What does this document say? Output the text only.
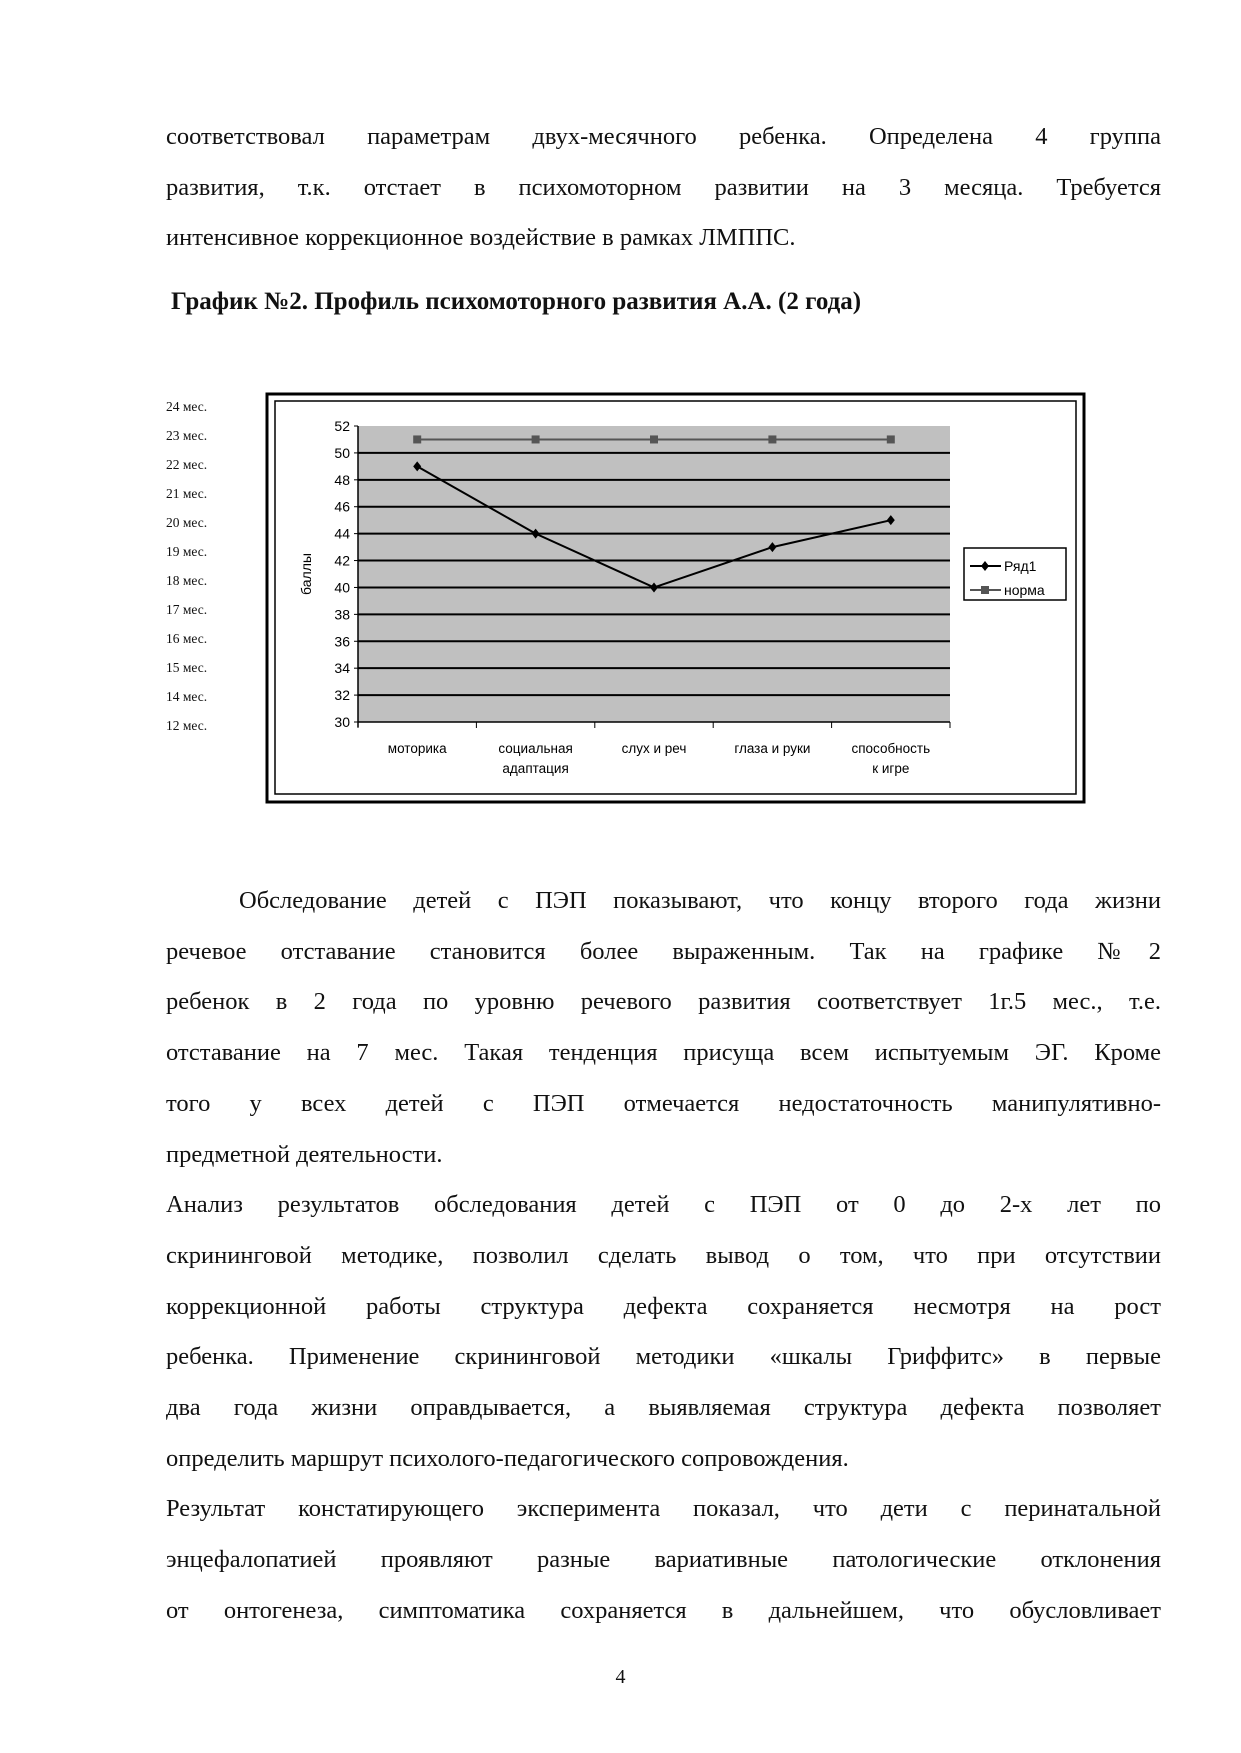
График №2. Профиль психомоторного развития А.А. (2 года)
30
32
34
36
38
40
42
44
46
48
50
52
баллы
моторика	социальная
адаптация
слух и реч	глаза и руки	способность
к игре
Ряд1
норма
4
соответствовал параметрам двух-месячного ребенка. Определена 4 группа
развития, т.к. отстает в психомоторном развитии на 3 месяца. Требуется
интенсивное коррекционное воздействие в рамках ЛМППС.
Обследование детей с ПЭП показывают, что концу второго года жизни
речевое отставание становится более выраженным. Так на графике №2
ребенок в 2 года по уровню речевого развития соответствует 1г.5 мес., т.е.
отставание на 7 мес. Такая тенденция присуща всем испытуемым ЭГ. Кроме
того у всех детей с ПЭП отмечается недостаточность манипулятивно-
предметной деятельности.
Анализ результатов обследования детей с ПЭП от 0 до 2-х лет по
скрининговой методике, позволил сделать вывод о том, что при отсутствии
коррекционной работы структура дефекта сохраняется несмотря на рост
ребенка. Применение скрининговой методики «шкалы Гриффитс» в первые
два года жизни оправдывается, а выявляемая структура дефекта позволяет
определить маршрут психолого-педагогического сопровождения.
Результат констатирующего эксперимента показал, что дети с перинатальной
энцефалопатией проявляют разные вариативные патологические отклонения
от онтогенеза, симптоматика сохраняется в дальнейшем, что обусловливает
24 мес.
23 мес.
22 мес.
21 мес.
20 мес.
19 мес.
18 мес.
17 мес.
16 мес.
15 мес.
14 мес.
12 мес.
